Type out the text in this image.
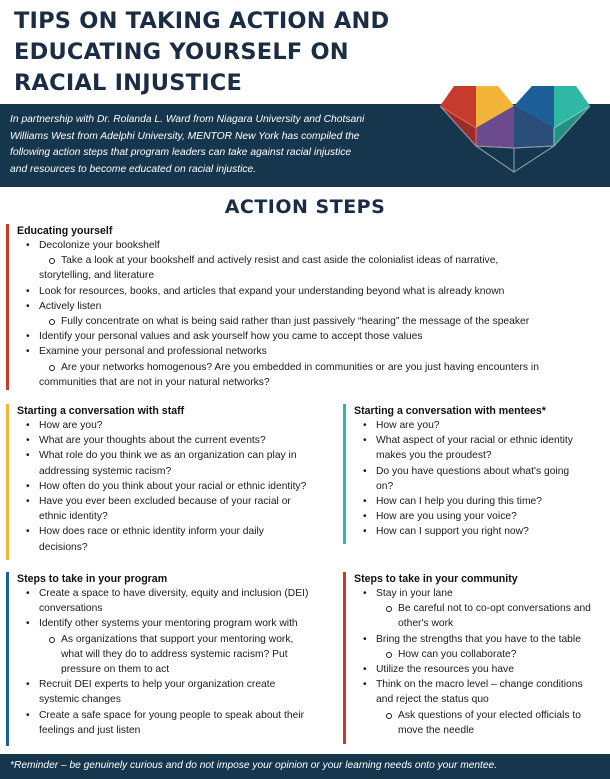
TIPS ON TAKING ACTION AND
EDUCATING YOURSELF ON
RACIAL INJUSTICE
In partnership with Dr. Rolanda L. Ward from Niagara University and Chotsani
Williams West from Adelphi University, MENTOR New York has compiled the
following action steps that program leaders can take against racial injustice
and resources to become educated on racial injustice.
ACTION STEPS
Educating yourself
• Decolonize your bookshelf
Take a look at your bookshelf and actively resist and cast aside the colonialist ideas of narrative,
storytelling, and literature
• Look for resources, books, and articles that expand your understanding beyond what is already known
• Actively listen
Fully concentrate on what is being said rather than just passively “hearing” the message of the speaker
• Identify your personal values and ask yourself how you came to accept those values
• Examine your personal and professional networks
Are your networks homogenous? Are you embedded in communities or are you just having encounters in
communities that are not in your natural networks?
Starting a conversation with staff
• How are you?
• What are your thoughts about the current events?
• What role do you think we as an organization can play in
addressing systemic racism?
• How often do you think about your racial or ethnic identity?
• Have you ever been excluded because of your racial or
ethnic identity?
• How does race or ethnic identity inform your daily
decisions?
Starting a conversation with mentees*
• How are you?
• What aspect of your racial or ethnic identity
makes you the proudest?
• Do you have questions about what's going
on?
• How can I help you during this time?
• How are you using your voice?
• How can I support you right now?
Steps to take in your program
• Create a space to have diversity, equity and inclusion (DEI)
conversations
• Identify other systems your mentoring program work with
As organizations that support your mentoring work,
what will they do to address systemic racism? Put
pressure on them to act
• Recruit DEI experts to help your organization create
systemic changes
• Create a safe space for young people to speak about their
feelings and just listen
Steps to take in your community
• Stay in your lane
Be careful not to co-opt conversations and
other's work
• Bring the strengths that you have to the table
How can you collaborate?
• Utilize the resources you have
• Think on the macro level – change conditions
and reject the status quo
Ask questions of your elected officials to
move the needle
*Reminder – be genuinely curious and do not impose your opinion or your learning needs onto your mentee.
